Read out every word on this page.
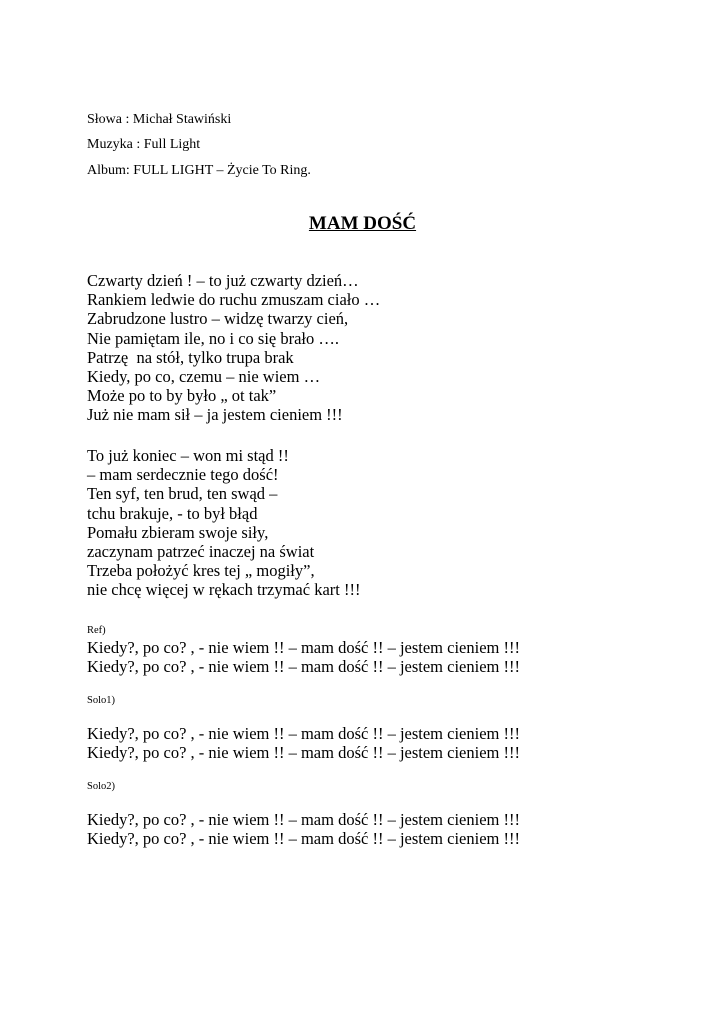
Słowa : Michał Stawiński
Muzyka : Full Light
Album: FULL LIGHT – Życie To Ring.
MAM DOŚĆ
Czwarty dzień ! – to już czwarty dzień…
Rankiem ledwie do ruchu zmuszam ciało …
Zabrudzone lustro – widzę twarzy cień,
Nie pamiętam ile, no i co się brało ….
Patrzę  na stół, tylko trupa brak
Kiedy, po co, czemu – nie wiem …
Może po to by było „ ot tak”
Już nie mam sił – ja jestem cieniem !!!
To już koniec – won mi stąd !!
– mam serdecznie tego dość!
Ten syf, ten brud, ten swąd –
tchu brakuje, - to był błąd
Pomału zbieram swoje siły,
zaczynam patrzeć inaczej na świat
Trzeba położyć kres tej „ mogiły”,
nie chcę więcej w rękach trzymać kart !!!
Ref)
Kiedy?, po co? , - nie wiem !! – mam dość !! – jestem cieniem !!!
Kiedy?, po co? , - nie wiem !! – mam dość !! – jestem cieniem !!!
Solo1)
Kiedy?, po co? , - nie wiem !! – mam dość !! – jestem cieniem !!!
Kiedy?, po co? , - nie wiem !! – mam dość !! – jestem cieniem !!!
Solo2)
Kiedy?, po co? , - nie wiem !! – mam dość !! – jestem cieniem !!!
Kiedy?, po co? , - nie wiem !! – mam dość !! – jestem cieniem !!!
